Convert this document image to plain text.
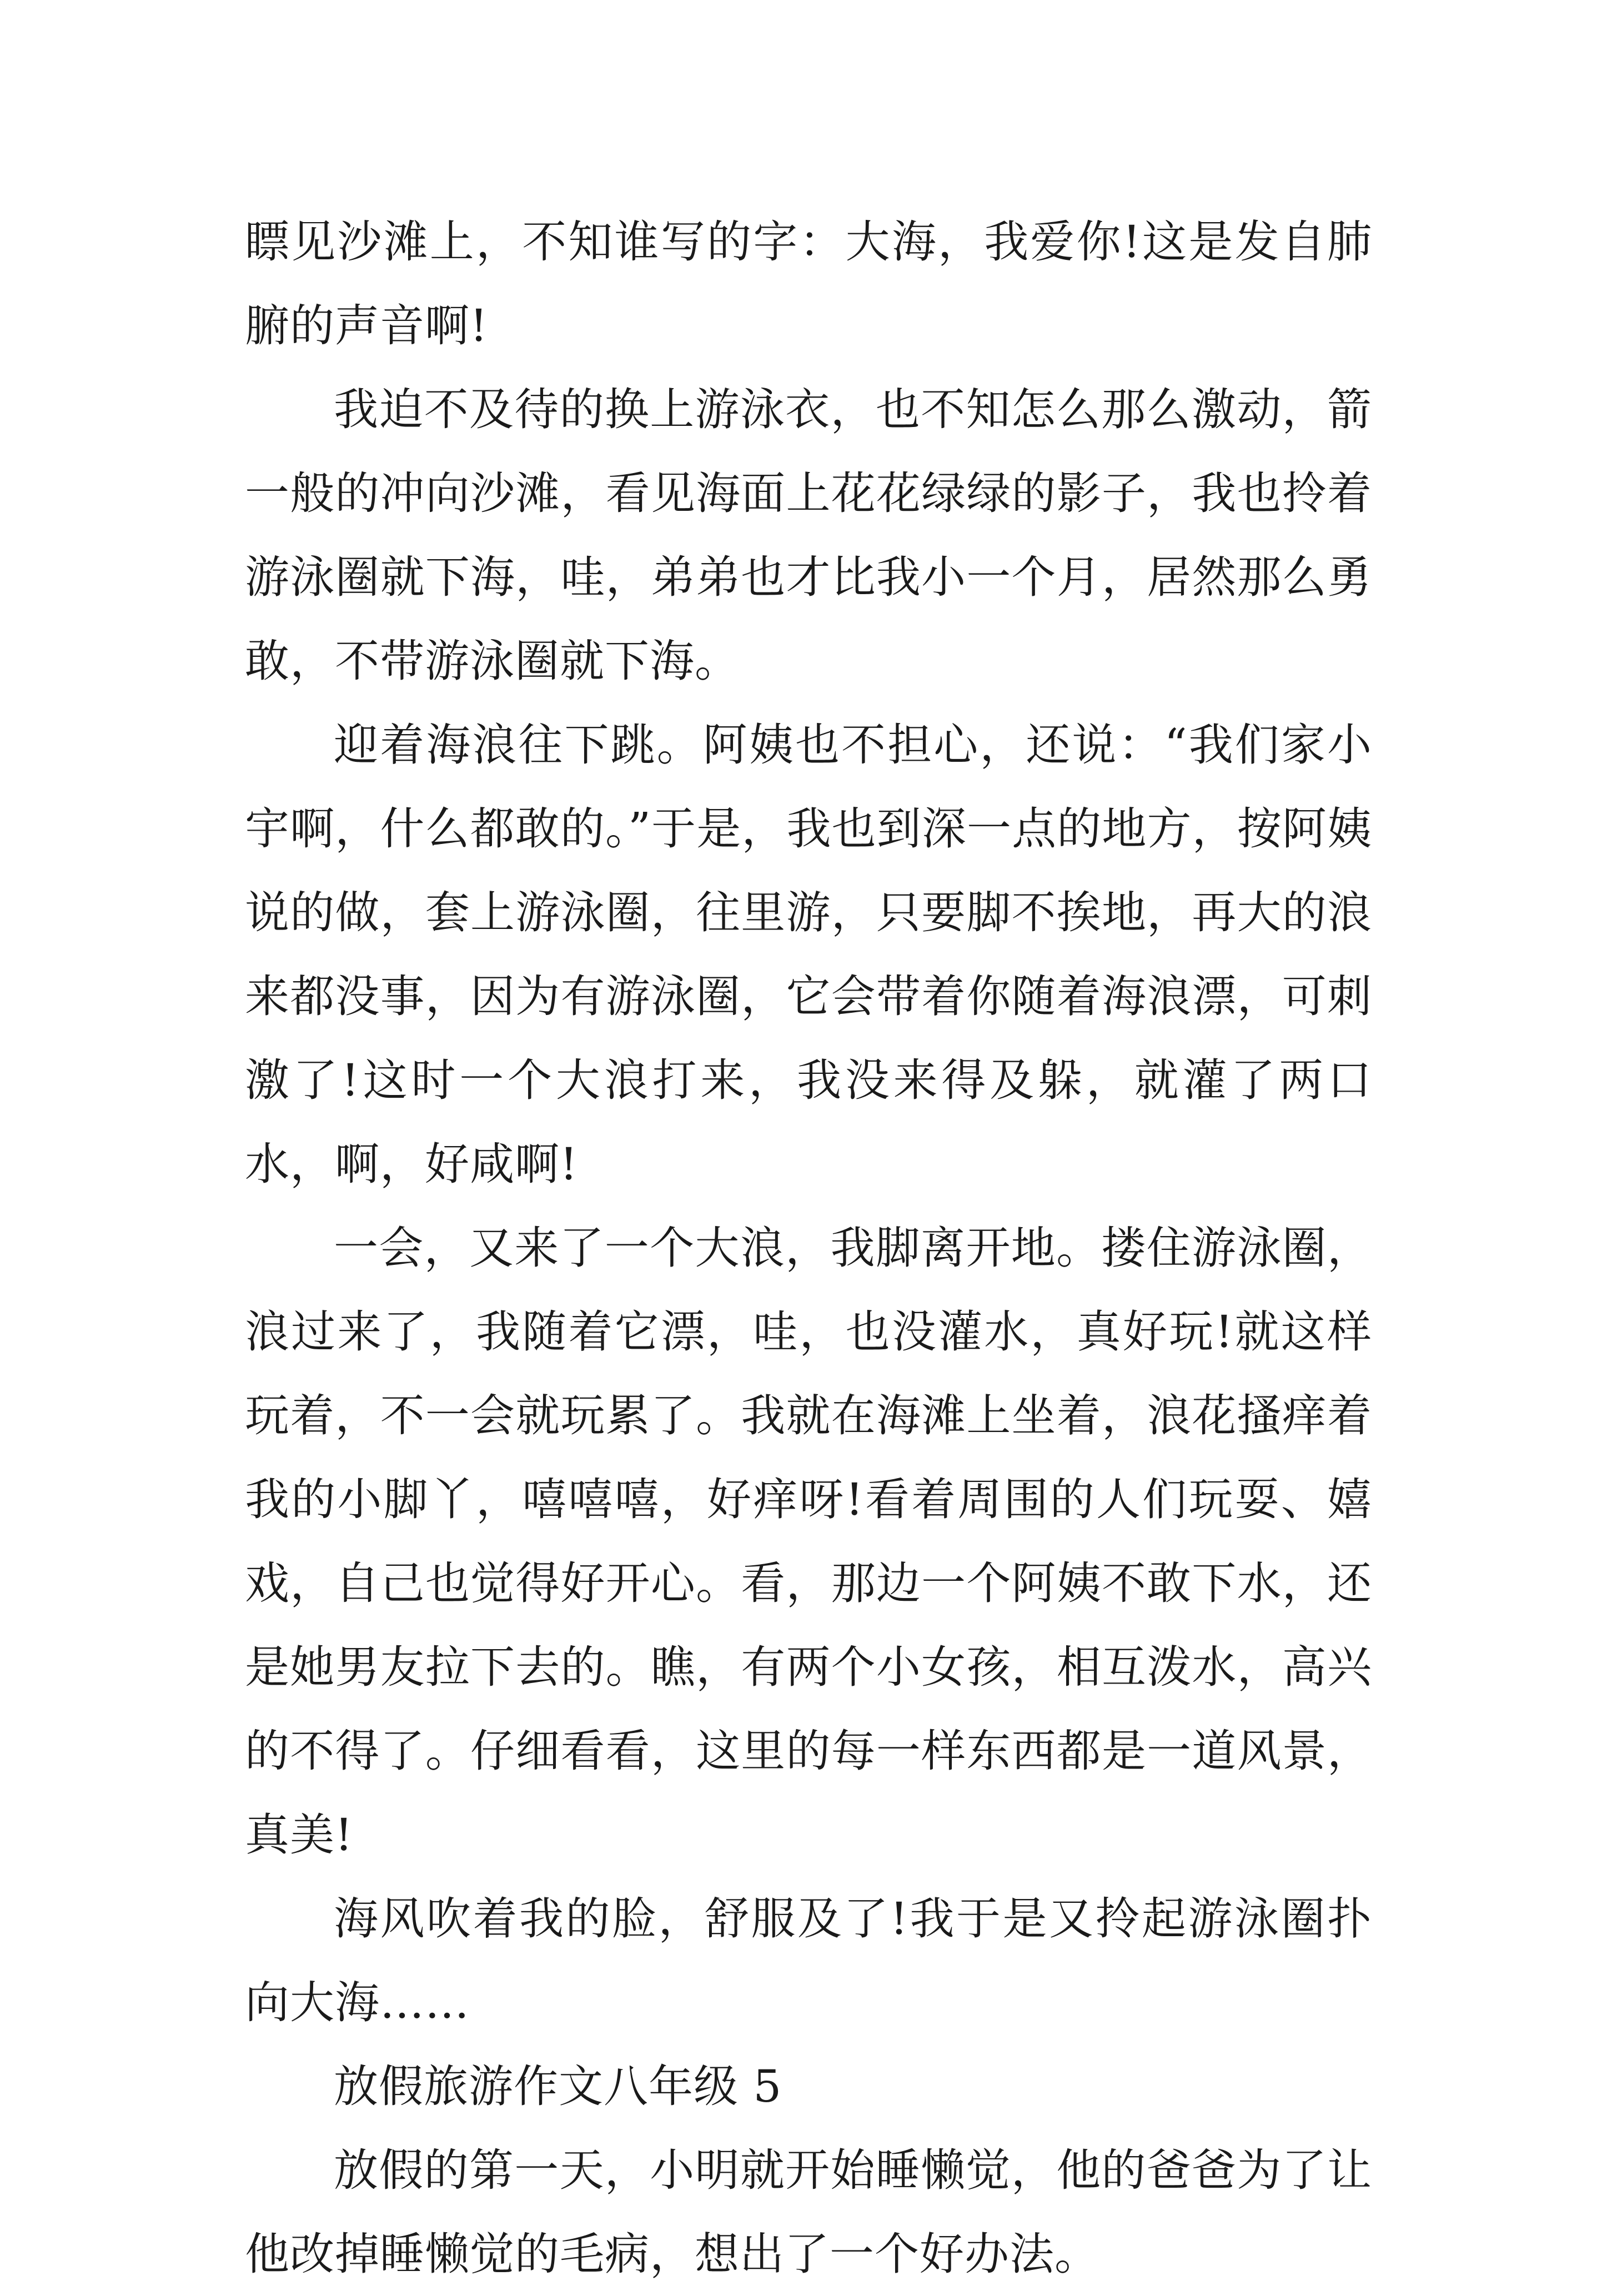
瞟见沙滩上，不知谁写的字：大海，我爱你!这是发自肺腑的声音啊!

我迫不及待的换上游泳衣，也不知怎么那么激动，箭一般的冲向沙滩，看见海面上花花绿绿的影子，我也拎着游泳圈就下海，哇，弟弟也才比我小一个月，居然那么勇敢，不带游泳圈就下海。

迎着海浪往下跳。阿姨也不担心，还说：“我们家小宇啊，什么都敢的。”于是，我也到深一点的地方，按阿姨说的做，套上游泳圈，往里游，只要脚不挨地，再大的浪来都没事，因为有游泳圈，它会带着你随着海浪漂，可刺激了!这时一个大浪打来，我没来得及躲，就灌了两口水，啊，好咸啊!

一会，又来了一个大浪，我脚离开地。搂住游泳圈，浪过来了，我随着它漂，哇，也没灌水，真好玩!就这样玩着，不一会就玩累了。我就在海滩上坐着，浪花搔痒着我的小脚丫，嘻嘻嘻，好痒呀!看着周围的人们玩耍、嬉戏，自己也觉得好开心。看，那边一个阿姨不敢下水，还是她男友拉下去的。瞧，有两个小女孩，相互泼水，高兴的不得了。仔细看看，这里的每一样东西都是一道风景，真美!

海风吹着我的脸，舒服及了!我于是又拎起游泳圈扑向大海……

放假旅游作文八年级 5

放假的第一天，小明就开始睡懒觉，他的爸爸为了让他改掉睡懒觉的毛病，想出了一个好办法。
